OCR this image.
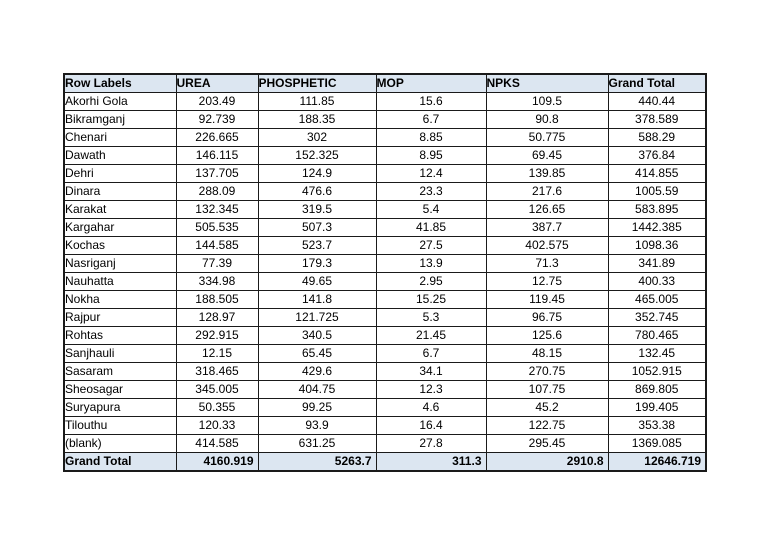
Row Labels	UREA	PHOSPHETIC	MOP	NPKS	Grand Total
Akorhi Gola	203.49	111.85	15.6	109.5	440.44
Bikramganj	92.739	188.35	6.7	90.8	378.589
Chenari	226.665	302	8.85	50.775	588.29
Dawath	146.115	152.325	8.95	69.45	376.84
Dehri	137.705	124.9	12.4	139.85	414.855
Dinara	288.09	476.6	23.3	217.6	1005.59
Karakat	132.345	319.5	5.4	126.65	583.895
Kargahar	505.535	507.3	41.85	387.7	1442.385
Kochas	144.585	523.7	27.5	402.575	1098.36
Nasriganj	77.39	179.3	13.9	71.3	341.89
Nauhatta	334.98	49.65	2.95	12.75	400.33
Nokha	188.505	141.8	15.25	119.45	465.005
Rajpur	128.97	121.725	5.3	96.75	352.745
Rohtas	292.915	340.5	21.45	125.6	780.465
Sanjhauli	12.15	65.45	6.7	48.15	132.45
Sasaram	318.465	429.6	34.1	270.75	1052.915
Sheosagar	345.005	404.75	12.3	107.75	869.805
Suryapura	50.355	99.25	4.6	45.2	199.405
Tilouthu	120.33	93.9	16.4	122.75	353.38
(blank)	414.585	631.25	27.8	295.45	1369.085
Grand Total	4160.919	5263.7	311.3	2910.8	12646.719
